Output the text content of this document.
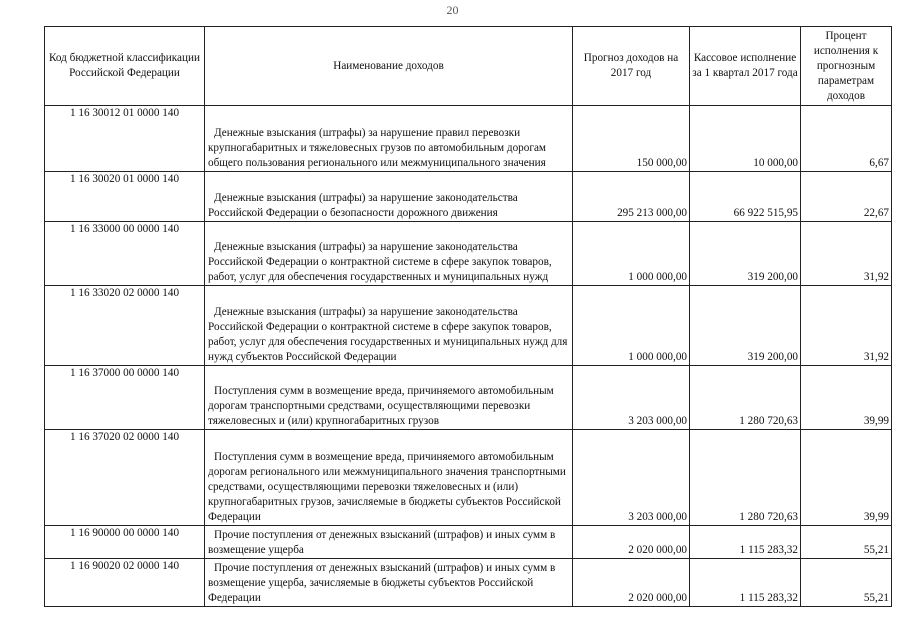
20
Код бюджетной классификации Российской Федерации	Наименование доходов	Прогноз доходов на 2017 год	Кассовое исполнение за 1 квартал 2017 года	Процент исполнения к прогнозным параметрам доходов
1 16 30012 01 0000 140	Денежные взыскания (штрафы) за нарушение правил перевозки крупногабаритных и тяжеловесных грузов по автомобильным дорогам общего пользования регионального или межмуниципального значения	150 000,00	10 000,00	6,67
1 16 30020 01 0000 140	Денежные взыскания (штрафы) за нарушение законодательства Российской Федерации о безопасности дорожного движения	295 213 000,00	66 922 515,95	22,67
1 16 33000 00 0000 140	Денежные взыскания (штрафы) за нарушение законодательства Российской Федерации о контрактной системе в сфере закупок товаров, работ, услуг для обеспечения государственных и муниципальных нужд	1 000 000,00	319 200,00	31,92
1 16 33020 02 0000 140	Денежные взыскания (штрафы) за нарушение законодательства Российской Федерации о контрактной системе в сфере закупок товаров, работ, услуг для обеспечения государственных и муниципальных нужд для нужд субъектов Российской Федерации	1 000 000,00	319 200,00	31,92
1 16 37000 00 0000 140	Поступления сумм в возмещение вреда, причиняемого автомобильным дорогам транспортными средствами, осуществляющими перевозки тяжеловесных и (или) крупногабаритных грузов	3 203 000,00	1 280 720,63	39,99
1 16 37020 02 0000 140	Поступления сумм в возмещение вреда, причиняемого автомобильным дорогам регионального или межмуниципального значения транспортными средствами, осуществляющими перевозки тяжеловесных и (или) крупногабаритных грузов, зачисляемые в бюджеты субъектов Российской Федерации	3 203 000,00	1 280 720,63	39,99
1 16 90000 00 0000 140	Прочие поступления от денежных взысканий (штрафов) и иных сумм в возмещение ущерба	2 020 000,00	1 115 283,32	55,21
1 16 90020 02 0000 140	Прочие поступления от денежных взысканий (штрафов) и иных сумм в возмещение ущерба, зачисляемые в бюджеты субъектов Российской Федерации	2 020 000,00	1 115 283,32	55,21
